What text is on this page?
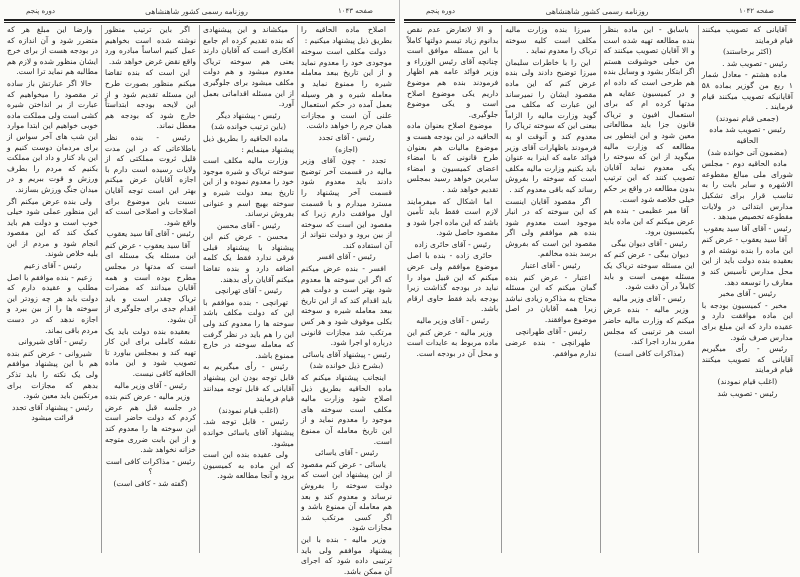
صفحه ۱۰۴۳
روزنامه رسمی کشور شاهنشاهی
دوره پنجم

اصلاح ماده الحاقیه را بطریق ذیل پیشنهاد میکنیم :

دولت مکلف است سوخته موجودی خود را معدوم نماید و از این تاریخ ببعد معامله شیره را ممنوع نماید و معامله شیره و هر وسیله بعمل آمده در حکم استعمال علنی آن است و مجازات همان جرم را خواهد داشت.

رئیس - آقای تجدد

(اجازه)

تجدد - چون آقای وزیر مالیه در قسمت آخر توضیح دادند باید معدوم شود قسمت آخر پیشنهاد را مسترد میدارم و با قسمت اول موافقت دارم زیرا که مقصود این است که سوخته از بین برود و دولت نتواند از آن استفاده کند.

رئیس - آقای افسر

افسر - بنده عرض میکنم که اگر این سوخته ها معدوم شود بهتر است و دولت هم باید اقدام کند که از این تاریخ ببعد معامله شیره و سوخته بکلی موقوف شود و هر کس مرتکب شد مجازات قانونی درباره او اجرا شود.

رئیس - پیشنهاد آقای یاسائی

(بشرح ذیل خوانده شد)

اینجانب پیشنهاد میکنم که ماده الحاقیه بطریق ذیل اصلاح شود وزارت مالیه مکلف است سوخته های موجود را معدوم نماید و از این تاریخ معامله آن ممنوع است.

رئیس - آقای یاسائی

یاسائی - عرض کنم مقصود از این پیشنهاد این است که دولت سوخته را بفروش نرساند و معدوم کند و بعد هم معامله آن ممنوع باشد و اگر کسی مرتکب شد مجازات شود.

وزیر مالیه - بنده با این پیشنهاد موافقم ولی باید ترتیبی داده شود که اجرای آن ممکن باشد.

میکشاند و این پیشنهادی که بنده تقدیم کرده ام جامع افکاری است که آقایان دارند یعنی هم سوخته تریاک معدوم میشود و هم دولت مکلف میشود برای جلوگیری از این مسئله اقداماتی بعمل آورد.

رئیس - پیشنهاد دیگر

(باین ترتیب خوانده شد)

ماده الحاقیه را بطریق ذیل پیشنهاد مینمایم :

وزارت مالیه مکلف است سوخته تریاک و شیره موجود خود را معدوم نموده و از این تاریخ ببعد دولت شیره و سوخته بهیچ اسم و عنوانی بفروش نرساند.

رئیس - آقای محسن

محسن - عرض کنم این پیشنهاد با پیشنهاد قبلی فرقی ندارد فقط یک کلمه اضافه دارد و بنده تقاضا میکنم آقایان رأی بدهند.

رئیس - آقای تهرانچی

تهرانچی - بنده موافقم با این که دولت مکلف باشد سوخته ها را معدوم کند ولی این را هم باید در نظر گرفت که معامله سوخته در خارج ممنوع باشد.

رئیس - رأی میگیریم به قابل توجه بودن این پیشنهاد آقایانی که قابل توجه میدانند قیام فرمایند

(اغلب قیام نمودند)

رئیس - قابل توجه شد. پیشنهاد آقای یاسائی خوانده میشود.

ولی عقیده بنده این است که این ماده به کمیسیون برود و آنجا مطالعه شود.

اگر باین ترتیب منظور نوشته شده است بخواهیم عمل کنیم اساساً مبادره ورد واقع نقض غرض خواهد شد.

این است که بنده تقاضا میکنم منظور بصورت طرح این مسئله تقدیم شود و از این لایحه بودجه ابتداستاً خارج شود که بودجه هم معطل نماند.

رئیس - بنده نظر باطلاعاتی که در این مدت قلیل ثروت مملکتی که از ولایات رسیده است دارم با اجازه آقایان عرض میکنم بهتر این است توجه آقایان نسبت باین موضوع برای اصلاحات و اصلاحی است که واقع شود.

رئیس - آقای آقا سید یعقوب

آقا سید یعقوب - عرض کنم این مسئله یک مسئله ای است که مدتها در مجلس مطرح بوده است و همه آقایان میدانند که مضرات تریاک چقدر است و باید اقدام جدی برای جلوگیری از آن بشود.

بعقیده بنده دولت باید یک نقشه کاملی برای این کار تهیه کند و بمجلس بیاورد تا تصویب شود و این ماده الحاقیه کافی نیست.

رئیس - آقای وزیر مالیه

وزیر مالیه - عرض کنم بنده در جلسه قبل هم عرض کردم که دولت حاضر است این سوخته ها را معدوم کند و از این بابت ضرری متوجه خزانه نخواهد شد.

رئیس - مذاکرات کافی است ؟

(گفته شد - کافی است)

وارضا این مبلغ هر که متضرر شود و آن اندازه که در بودجه هست از برای خرج ایشان منظور شده و لازم هم مطالبه هم نماید ترا است.

حالا اگر عبارتش باز ساده تر مقصود را میخواهیم که عبارت از بر انداختن شیره کشی است ولی مملکت ماده خوبی خواهیم این ابتدا موارد این شب های آخر سواس از برای مردمان دوست کنیم و این یاد کنار و داد این مملکت بکنیم که مردم را بطرف ورزش و قوت ببریم و در میدان جنگ ورزش بسازند.

ولی بنده عرض میکنم اگر این منظور عملی شود خیلی خوب است و دولت هم باید کمک کند که این مقصود انجام شود و مردم از این بلیه خلاص شوند.

رئیس - آقای زعیم

زعیم - بنده موافقم با اصل مطلب و عقیده دارم که دولت باید هر چه زودتر این سوخته ها را از بین ببرد و اجازه ندهد که در دست مردم باقی بماند.

رئیس - آقای شیروانی

شیروانی - عرض کنم بنده هم با این پیشنهاد موافقم ولی یک نکته را باید تذکر بدهم که مجازات برای مرتکبین باید معین شود.

رئیس - پیشنهاد آقای تجدد قرائت میشود

صفحه ۱۰۴۲
روزنامه رسمی کشور شاهنشاهی
دوره پنجم

آقایانی که تصویب میکنند قیام فرمایند

(اکثر برخاستند)

رئیس - تصویب شد .

ماده هشتم - معادل شمار ۱ ربع من گوزیر بماده ۵۸ آقایانیکه تصویب میکنند قیام فرمایند .

(جمعی قیام نمودند)

رئیس - تصویب شد ماده الحاقیه

(مضمون آتی خوانده شد)

ماده الحاقیه دوم - مجلس شورای ملی مبالغ مقطوعه الاشهره و سایر بابت را به تناسب قرار برای تشکیل مدارس ابتدائی در ولایات مقطوعه تخصیص میدهد .

رئیس - آقای آقا سید یعقوب

آقا سید یعقوب - عرض کنم این ماده را بنده نوشته ام و بعقیده بنده دولت باید از این محل مدارس تأسیس کند و معارف را توسعه دهد.

رئیس - آقای مخبر

مخبر - کمیسیون بودجه با این ماده موافقت دارد و عقیده دارد که این مبلغ برای مدارس صرف شود.

رئیس - رأی میگیریم آقایانی که تصویب میکنند قیام فرمایند

(اغلب قیام نمودند)

رئیس - تصویب شد

باسابق - این ماده بنظر بنده مطالعه تهیه شده است و الا آقایان تصویب میکنند که من خیلی خوشوقت هستم اگر ابتکار بشود و وسایل بنده هم طرحی است که داده ام و در کمیسیون عقایه هم مدتها کرده ام که برای استعمال افیون و تریاک قانون جزا باید مطالعاتی معین شود و این اینطور بی مطالعه که وزارت مالیه میگوید از این که سوخته را یکی معدوم نماید آقایان تصویب کنند که این ترتیب بدون مطالعه در واقع بر حکم خیلی خلاصه شود است.

آقا میر عظیمی - بنده هم عرض میکنم که این ماده باید بکمیسیون برود.

رئیس - آقای دیوان بیگی

دیوان بیگی - عرض کنم که این مسئله سوخته تریاک یک مسئله مهمی است و باید کاملاً در آن دقت شود.

رئیس - آقای وزیر مالیه

وزیر مالیه - بنده عرض میکنم که وزارت مالیه حاضر است هر ترتیبی که مجلس مقرر بدارد اجرا کند.

(مذاکرات کافی است)

میرزا بنده وزارت مالیه مکلف است کلیه سوخته تریاک را معدوم نماید .

این را با خاطرات سلیمان میرزا توضیح دادند ولی بنده عرض کنم که این ماده مقصود ایشان را نمیرساند این عبارت که مکلف می گوید وزارت مالیه را الزاماً بیعنی این که سوخته تریاک را معدوم کند و آنوقت او به فرمودند باظهارات آقای وزیر فوائد عامه که اینرا به عنوان باید بکنیم وزارت مالیه مکلف است که سوخته را بفروش رساند کیه باقی معدوم کند .

اگر مقصود آقایان اینست که این سوخته که در انبار موجود است معدوم شود بنده هم موافقم ولی اگر مقصود این است که بفروش برسد بنده مخالفم.

رئیس - آقای اعتبار

اعتبار - عرض کنم بنده گمان میکنم که این مسئله محتاج به مذاکره زیادی نباشد زیرا همه آقایان در اصل موضوع موافقند.

رئیس - آقای طهرانچی

طهرانچی - بنده عرضی ندارم موافقم.

و الا لاتعارض عدم نقص بدانوم زیاد تیسم دولتها کاملاً با این مسئله موافق است چنانچه آقای رئیس الوزراء و وزیر فوائد عامه هم اظهار فرمودند بنده هم موضوع داریم یکی موضوع اصلاح است و یکی موضوع جلوگیری.

موضوع اصلاح بعنوان ماده الحاقیه در این بودجه هست و موضوع مالیات هم بعنوان طرح قانونی که با امضاء اعضای کمیسیون و امضاء سایرین خواهد رسید بمجلس تقدیم خواهد شد .

اما اشکال که میفرمایند لازم است فقط باید تأمین باشد که این ماده اجرا شود و مقصود حاصل شود.

رئیس - آقای حائری زاده

حائری زاده - بنده با اصل موضوع موافقم ولی عرض میکنم که این قبیل مواد را نباید در بودجه گذاشت زیرا بودجه باید فقط حاوی ارقام باشد.

رئیس - آقای وزیر مالیه

وزیر مالیه - عرض کنم این ماده مربوط به عایدات است و محل آن در بودجه است.
